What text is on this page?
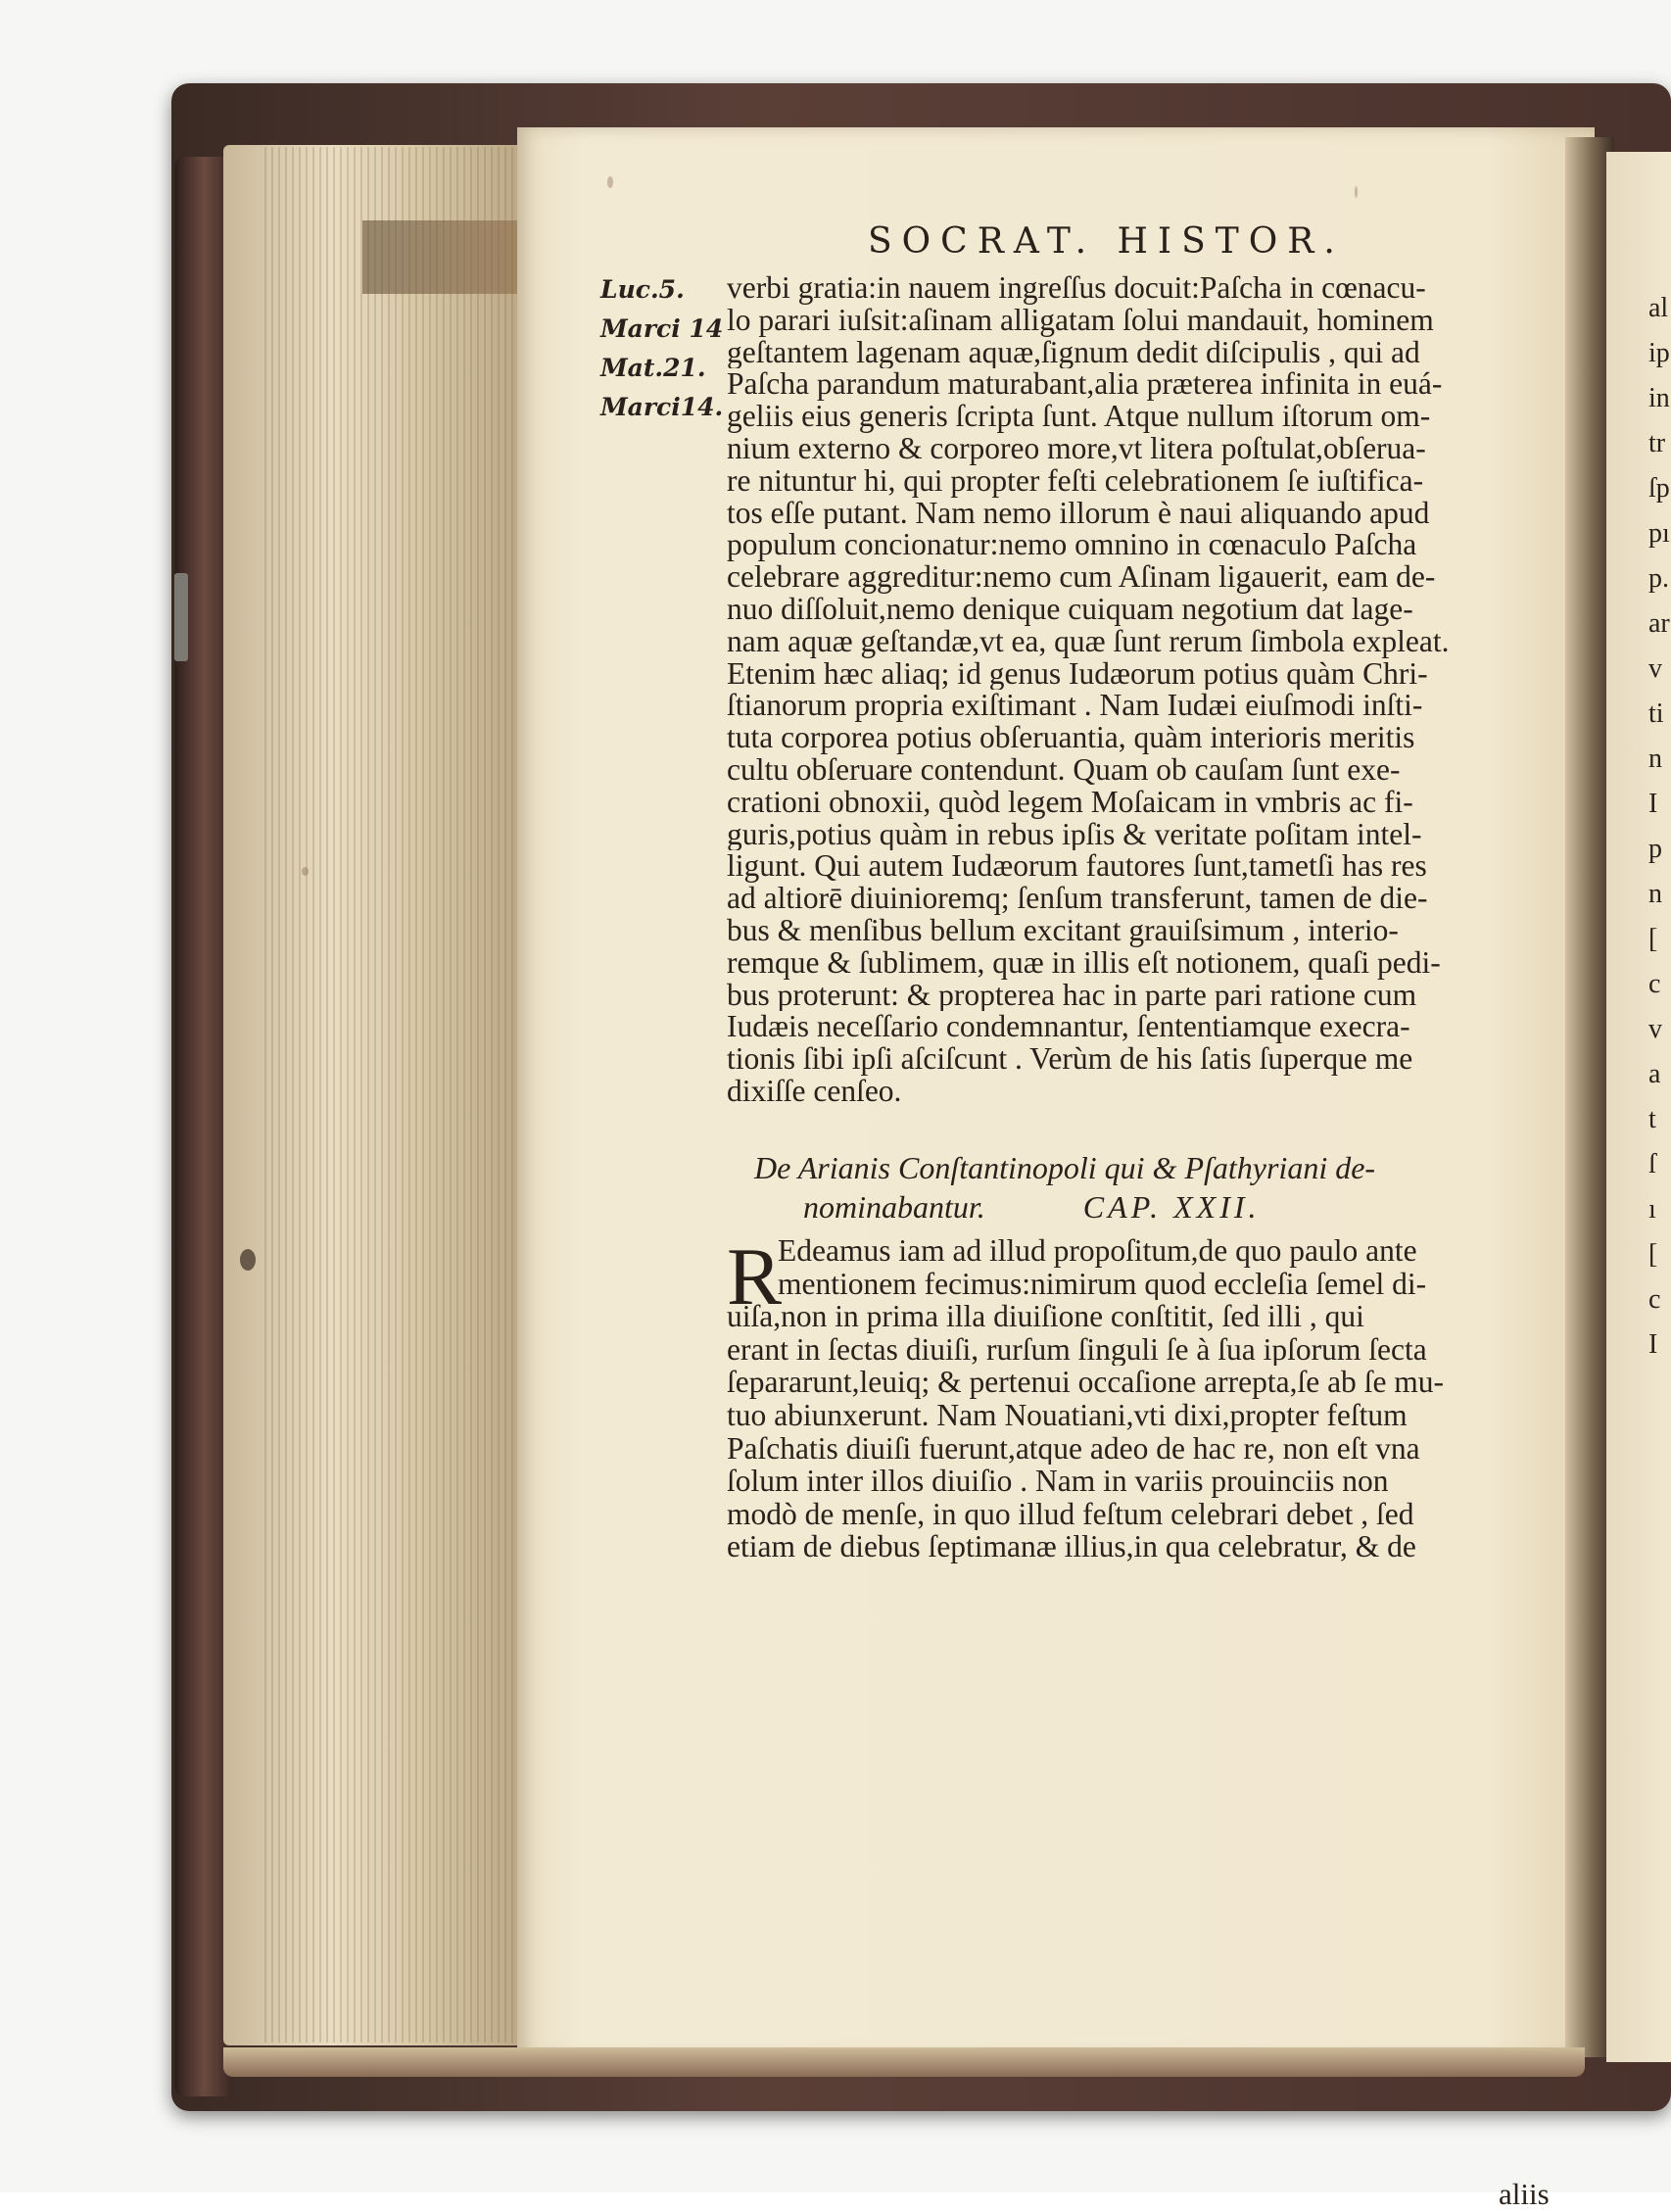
SOCRAT. HISTOR.
Luc.5.
Marci 14
Mat.21.
Marci14.
verbi gratia:in nauem ingreſſus docuit:Paſcha in cœnacu-
lo parari iuſsit:aſinam alligatam ſolui mandauit, hominem
geſtantem lagenam aquæ,ſignum dedit diſcipulis , qui ad
Paſcha parandum maturabant,alia præterea infinita in euá-
geliis eius generis ſcripta ſunt. Atque nullum iſtorum om-
nium externo & corporeo more,vt litera poſtulat,obſerua-
re nituntur hi, qui propter feſti celebrationem ſe iuſtifica-
tos eſſe putant. Nam nemo illorum è naui aliquando apud
populum concionatur:nemo omnino in cœnaculo Paſcha
celebrare aggreditur:nemo cum Aſinam ligauerit, eam de-
nuo diſſoluit,nemo denique cuiquam negotium dat lage-
nam aquæ geſtandæ,vt ea, quæ ſunt rerum ſimbola expleat.
Etenim hæc aliaq; id genus Iudæorum potius quàm Chri-
ſtianorum propria exiſtimant . Nam Iudæi eiuſmodi inſti-
tuta corporea potius obſeruantia, quàm interioris meritis
cultu obſeruare contendunt. Quam ob cauſam ſunt exe-
crationi obnoxii, quòd legem Moſaicam in vmbris ac fi-
guris,potius quàm in rebus ipſis & veritate poſitam intel-
ligunt. Qui autem Iudæorum fautores ſunt,tametſi has res
ad altiorē diuinioremq; ſenſum transferunt, tamen de die-
bus & menſibus bellum excitant grauiſsimum , interio-
remque & ſublimem, quæ in illis eſt notionem, quaſi pedi-
bus proterunt: & propterea hac in parte pari ratione cum
Iudæis neceſſario condemnantur, ſententiamque execra-
tionis ſibi ipſi aſciſcunt . Verùm de his ſatis ſuperque me
dixiſſe cenſeo.
De Arianis Conſtantinopoli qui & Pſathyriani de-
nominabantur.	CAP. XXII.
R
Edeamus iam ad illud propoſitum,de quo paulo ante
mentionem fecimus:nimirum quod eccleſia ſemel di-
uiſa,non in prima illa diuiſione conſtitit, ſed illi , qui
erant in ſectas diuiſi, rurſum ſinguli ſe à ſua ipſorum ſecta
ſepararunt,leuiq; & pertenui occaſione arrepta,ſe ab ſe mu-
tuo abiunxerunt. Nam Nouatiani,vti dixi,propter feſtum
Paſchatis diuiſi fuerunt,atque adeo de hac re, non eſt vna
ſolum inter illos diuiſio . Nam in variis prouinciis non
modò de menſe, in quo illud feſtum celebrari debet , ſed
etiam de diebus ſeptimanæ illius,in qua celebratur, & de
aliis
al
ip
in
tr
ſp
pı
p.
ar
v
ti
n
I
p
n
[
c
v
a
t
ſ
ı
[
c
I
